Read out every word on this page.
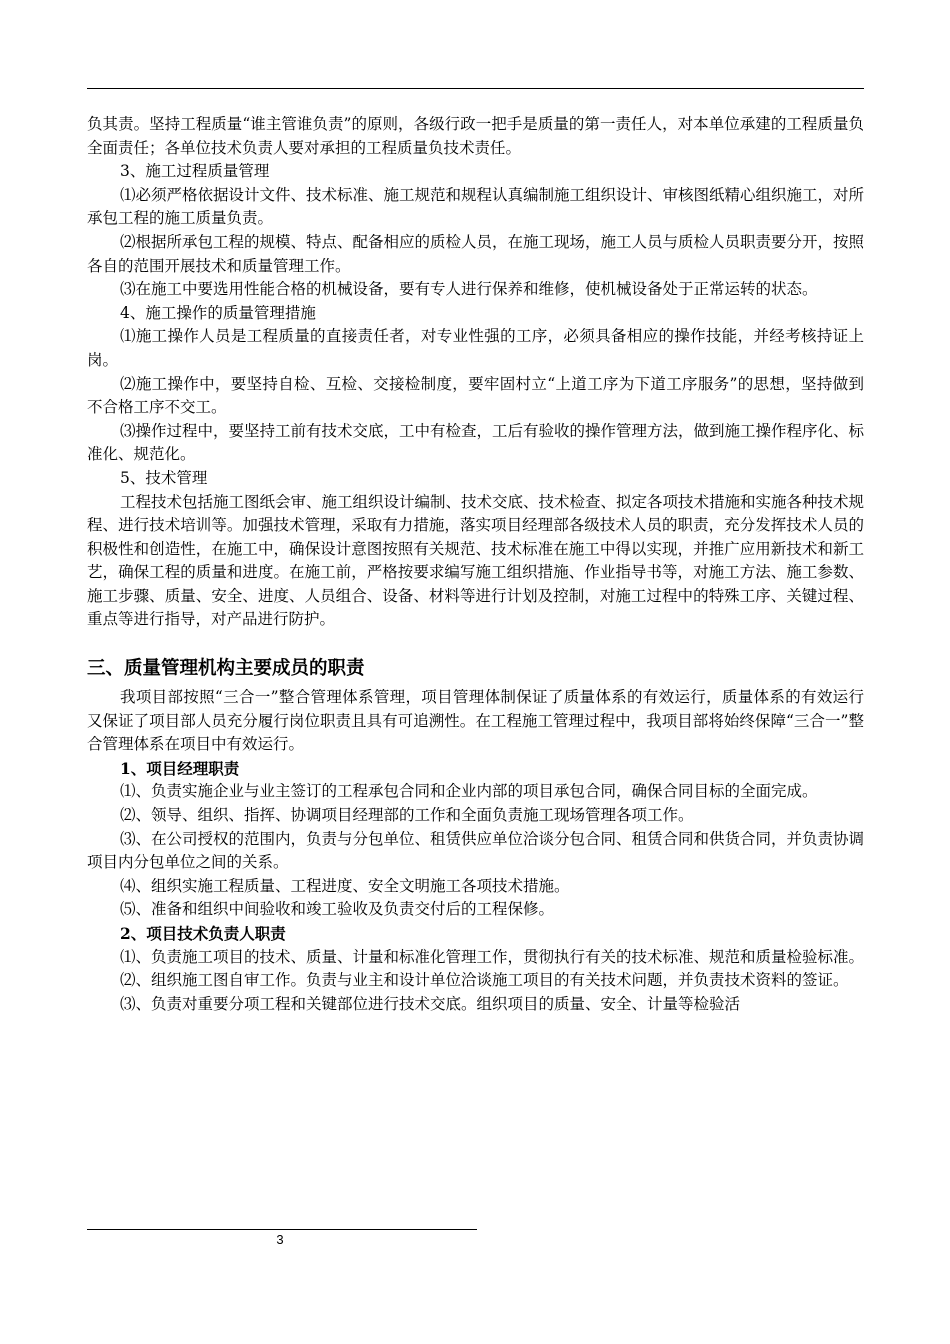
负其责。坚持工程质量“谁主管谁负责”的原则，各级行政一把手是质量的第一责任人，对本单位承建的工程质量负全面责任；各单位技术负责人要对承担的工程质量负技术责任。

3、施工过程质量管理

⑴必须严格依据设计文件、技术标准、施工规范和规程认真编制施工组织设计、审核图纸精心组织施工，对所承包工程的施工质量负责。

⑵根据所承包工程的规模、特点、配备相应的质检人员，在施工现场，施工人员与质检人员职责要分开，按照各自的范围开展技术和质量管理工作。

⑶在施工中要选用性能合格的机械设备，要有专人进行保养和维修，使机械设备处于正常运转的状态。

4、施工操作的质量管理措施

⑴施工操作人员是工程质量的直接责任者，对专业性强的工序，必须具备相应的操作技能，并经考核持证上岗。

⑵施工操作中，要坚持自检、互检、交接检制度，要牢固村立“上道工序为下道工序服务”的思想，坚持做到不合格工序不交工。

⑶操作过程中，要坚持工前有技术交底，工中有检查，工后有验收的操作管理方法，做到施工操作程序化、标准化、规范化。

5、技术管理

工程技术包括施工图纸会审、施工组织设计编制、技术交底、技术检查、拟定各项技术措施和实施各种技术规程、进行技术培训等。加强技术管理，采取有力措施，落实项目经理部各级技术人员的职责，充分发挥技术人员的积极性和创造性，在施工中，确保设计意图按照有关规范、技术标准在施工中得以实现，并推广应用新技术和新工艺，确保工程的质量和进度。在施工前，严格按要求编写施工组织措施、作业指导书等，对施工方法、施工参数、施工步骤、质量、安全、进度、人员组合、设备、材料等进行计划及控制，对施工过程中的特殊工序、关键过程、重点等进行指导，对产品进行防护。

三、质量管理机构主要成员的职责

我项目部按照“三合一”整合管理体系管理，项目管理体制保证了质量体系的有效运行，质量体系的有效运行又保证了项目部人员充分履行岗位职责且具有可追溯性。在工程施工管理过程中，我项目部将始终保障“三合一”整合管理体系在项目中有效运行。

1、项目经理职责

⑴、负责实施企业与业主签订的工程承包合同和企业内部的项目承包合同，确保合同目标的全面完成。

⑵、领导、组织、指挥、协调项目经理部的工作和全面负责施工现场管理各项工作。

⑶、在公司授权的范围内，负责与分包单位、租赁供应单位洽谈分包合同、租赁合同和供货合同，并负责协调项目内分包单位之间的关系。

⑷、组织实施工程质量、工程进度、安全文明施工各项技术措施。

⑸、准备和组织中间验收和竣工验收及负责交付后的工程保修。

2、项目技术负责人职责

⑴、负责施工项目的技术、质量、计量和标准化管理工作，贯彻执行有关的技术标准、规范和质量检验标准。

⑵、组织施工图自审工作。负责与业主和设计单位洽谈施工项目的有关技术问题，并负责技术资料的签证。

⑶、负责对重要分项工程和关键部位进行技术交底。组织项目的质量、安全、计量等检验活

3
